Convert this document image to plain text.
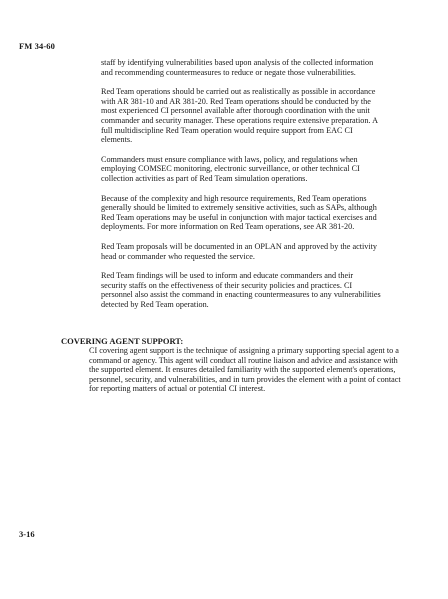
FM 34-60

staff by identifying vulnerabilities based upon analysis of the collected information and recommending countermeasures to reduce or negate those vulnerabilities.

Red Team operations should be carried out as realistically as possible in accordance with AR 381-10 and AR 381-20. Red Team operations should be conducted by the most experienced CI personnel available after thorough coordination with the unit commander and security manager. These operations require extensive preparation. A full multidiscipline Red Team operation would require support from EAC CI elements.

Commanders must ensure compliance with laws, policy, and regulations when employing COMSEC monitoring, electronic surveillance, or other technical CI collection activities as part of Red Team simulation operations.

Because of the complexity and high resource requirements, Red Team operations generally should be limited to extremely sensitive activities, such as SAPs, although Red Team operations may be useful in conjunction with major tactical exercises and deployments. For more information on Red Team operations, see AR 381-20.

Red Team proposals will be documented in an OPLAN and approved by the activity head or commander who requested the service.

Red Team findings will be used to inform and educate commanders and their security staffs on the effectiveness of their security policies and practices. CI personnel also assist the command in enacting countermeasures to any vulnerabilities detected by Red Team operation.

COVERING AGENT SUPPORT:
CI covering agent support is the technique of assigning a primary supporting special agent to a command or agency. This agent will conduct all routine liaison and advice and assistance with the supported element. It ensures detailed familiarity with the supported element's operations, personnel, security, and vulnerabilities, and in turn provides the element with a point of contact for reporting matters of actual or potential CI interest.
3-16
